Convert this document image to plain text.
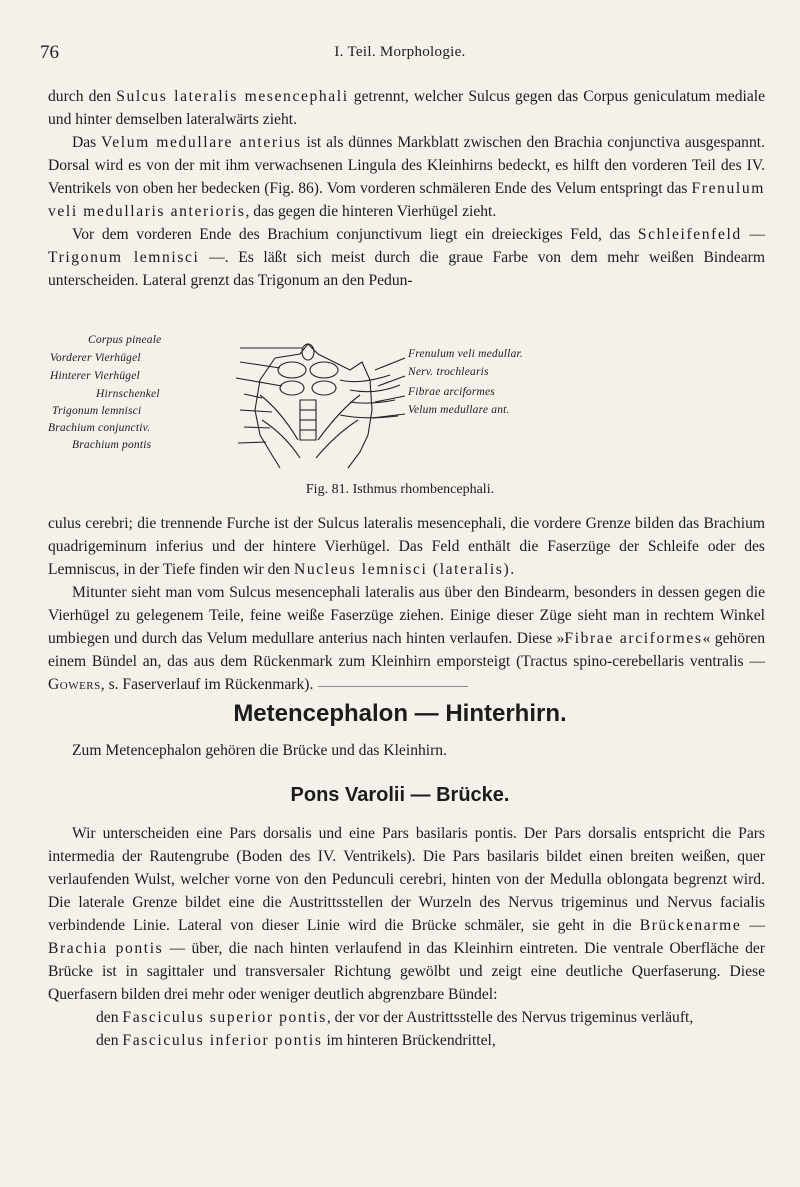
76	I. Teil. Morphologie.

durch den Sulcus lateralis mesencephali getrennt, welcher Sulcus gegen das Corpus geniculatum mediale und hinter demselben lateralwärts zieht.

Das Velum medullare anterius ist als dünnes Markblatt zwischen den Brachia conjunctiva ausgespannt. Dorsal wird es von der mit ihm verwachsenen Lingula des Kleinhirns bedeckt, es hilft den vorderen Teil des IV. Ventrikels von oben her bedecken (Fig. 86). Vom vorderen schmäleren Ende des Velum entspringt das Frenulum veli medullaris anterioris, das gegen die hinteren Vierhügel zieht.

Vor dem vorderen Ende des Brachium conjunctivum liegt ein dreieckiges Feld, das Schleifenfeld — Trigonum lemnisci —. Es läßt sich meist durch die graue Farbe von dem mehr weißen Bindearm unterscheiden. Lateral grenzt das Trigonum an den Pedun-

Corpus pineale
Vorderer Vierhügel
Hinterer Vierhügel
Hirnschenkel
Trigonum lemnisci
Brachium conjunctiv.
Brachium pontis
Frenulum veli medullar.
Nerv. trochlearis
Fibrae arciformes
Velum medullare ant.
Fig. 81. Isthmus rhombencephali.

culus cerebri; die trennende Furche ist der Sulcus lateralis mesencephali, die vordere Grenze bilden das Brachium quadrigeminum inferius und der hintere Vierhügel. Das Feld enthält die Faserzüge der Schleife oder des Lemniscus, in der Tiefe finden wir den Nucleus lemnisci (lateralis).

Mitunter sieht man vom Sulcus mesencephali lateralis aus über den Bindearm, besonders in dessen gegen die Vierhügel zu gelegenem Teile, feine weiße Faserzüge ziehen. Einige dieser Züge sieht man in rechtem Winkel umbiegen und durch das Velum medullare anterius nach hinten verlaufen. Diese »Fibrae arciformes« gehören einem Bündel an, das aus dem Rückenmark zum Kleinhirn emporsteigt (Tractus spino-cerebellaris ventralis — Gowers, s. Faserverlauf im Rückenmark).

Metencephalon — Hinterhirn.
Zum Metencephalon gehören die Brücke und das Kleinhirn.
Pons Varolii — Brücke.

Wir unterscheiden eine Pars dorsalis und eine Pars basilaris pontis. Der Pars dorsalis entspricht die Pars intermedia der Rautengrube (Boden des IV. Ventrikels). Die Pars basilaris bildet einen breiten weißen, quer verlaufenden Wulst, welcher vorne von den Pedunculi cerebri, hinten von der Medulla oblongata begrenzt wird. Die laterale Grenze bildet eine die Austrittsstellen der Wurzeln des Nervus trigeminus und Nervus facialis verbindende Linie. Lateral von dieser Linie wird die Brücke schmäler, sie geht in die Brückenarme — Brachia pontis — über, die nach hinten verlaufend in das Kleinhirn eintreten. Die ventrale Oberfläche der Brücke ist in sagittaler und transversaler Richtung gewölbt und zeigt eine deutliche Querfaserung. Diese Querfasern bilden drei mehr oder weniger deutlich abgrenzbare Bündel:

den Fasciculus superior pontis, der vor der Austrittsstelle des Nervus trigeminus verläuft,

den Fasciculus inferior pontis im hinteren Brückendrittel,
